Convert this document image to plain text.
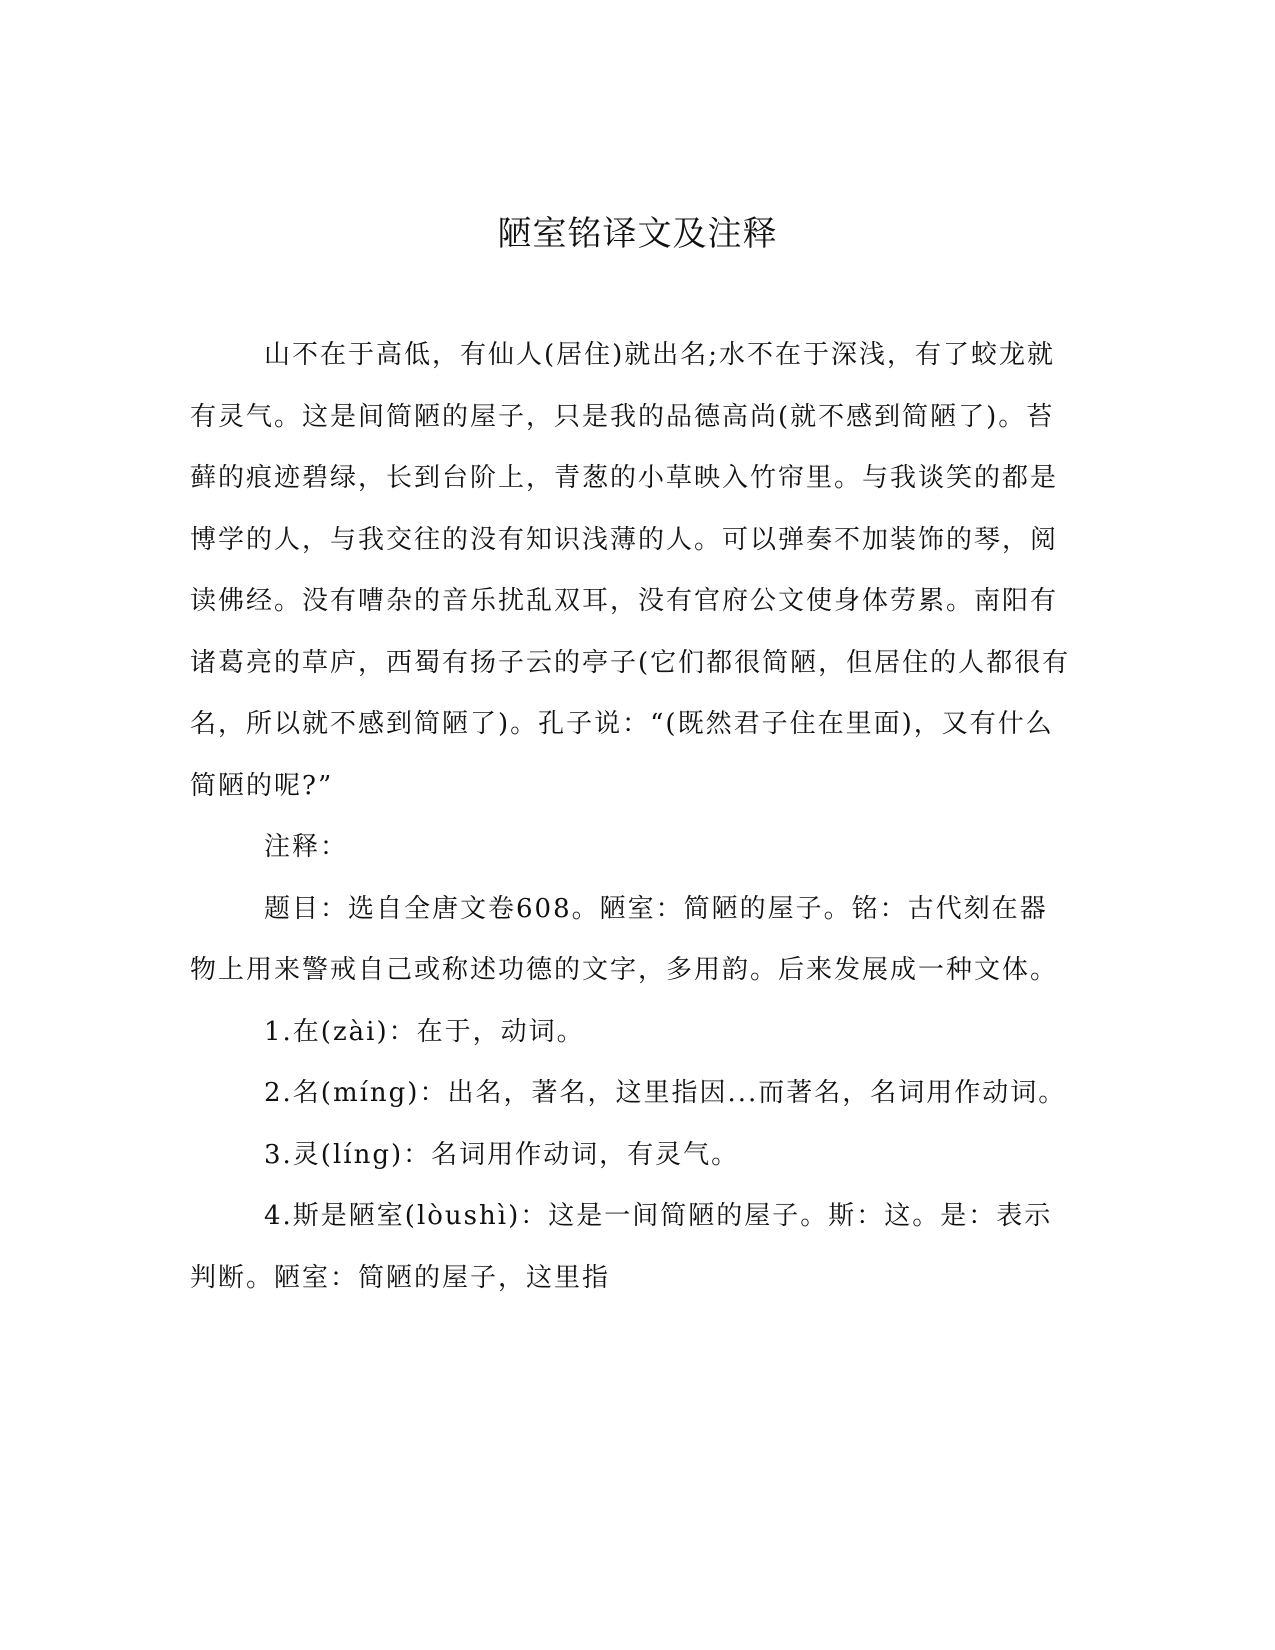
陋室铭译文及注释

山不在于高低，有仙人(居住)就出名;水不在于深浅，有了蛟龙就有灵气。这是间简陋的屋子，只是我的品德高尚(就不感到简陋了)。苔藓的痕迹碧绿，长到台阶上，青葱的小草映入竹帘里。与我谈笑的都是博学的人，与我交往的没有知识浅薄的人。可以弹奏不加装饰的琴，阅读佛经。没有嘈杂的音乐扰乱双耳，没有官府公文使身体劳累。南阳有诸葛亮的草庐，西蜀有扬子云的亭子(它们都很简陋，但居住的人都很有名，所以就不感到简陋了)。孔子说：“(既然君子住在里面)，又有什么简陋的呢?”

注释：

题目：选自全唐文卷608。陋室：简陋的屋子。铭：古代刻在器物上用来警戒自己或称述功德的文字，多用韵。后来发展成一种文体。

1.在(zài)：在于，动词。

2.名(míng)：出名，著名，这里指因...而著名，名词用作动词。

3.灵(líng)：名词用作动词，有灵气。

4.斯是陋室(lòushì)：这是一间简陋的屋子。斯：这。是：表示判断。陋室：简陋的屋子，这里指
